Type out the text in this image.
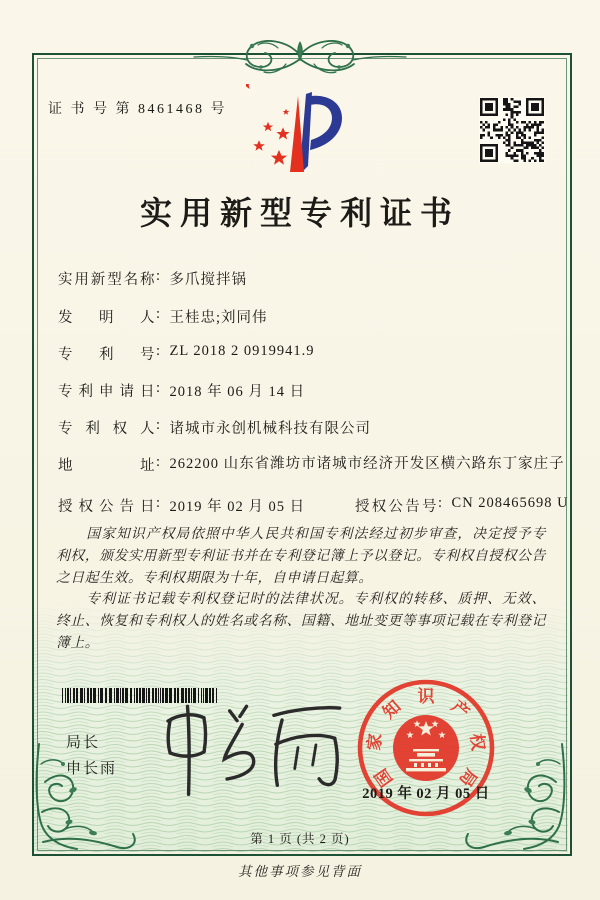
证 书 号 第 8461468 号
实用新型专利证书
实用新型名称: 多爪搅拌锅
发明人: 王桂忠;刘同伟
专利号: ZL 2018 2 0919941.9
专利申请日: 2018 年 06 月 14 日
专利权人: 诸城市永创机械科技有限公司
地址: 262200 山东省潍坊市诸城市经济开发区横六路东丁家庄子
授权公告日: 2019 年 02 月 05 日	授权公告号: CN 208465698 U

国家知识产权局依照中华人民共和国专利法经过初步审查，决定授予专利权，颁发实用新型专利证书并在专利登记簿上予以登记。专利权自授权公告之日起生效。专利权期限为十年，自申请日起算。

专利证书记载专利权登记时的法律状况。专利权的转移、质押、无效、终止、恢复和专利权人的姓名或名称、国籍、地址变更等事项记载在专利登记簿上。

局长
申长雨	国
家
知
识
产
权
局
2019 年 02 月 05 日
第 1 页 (共 2 页)
其他事项参见背面
